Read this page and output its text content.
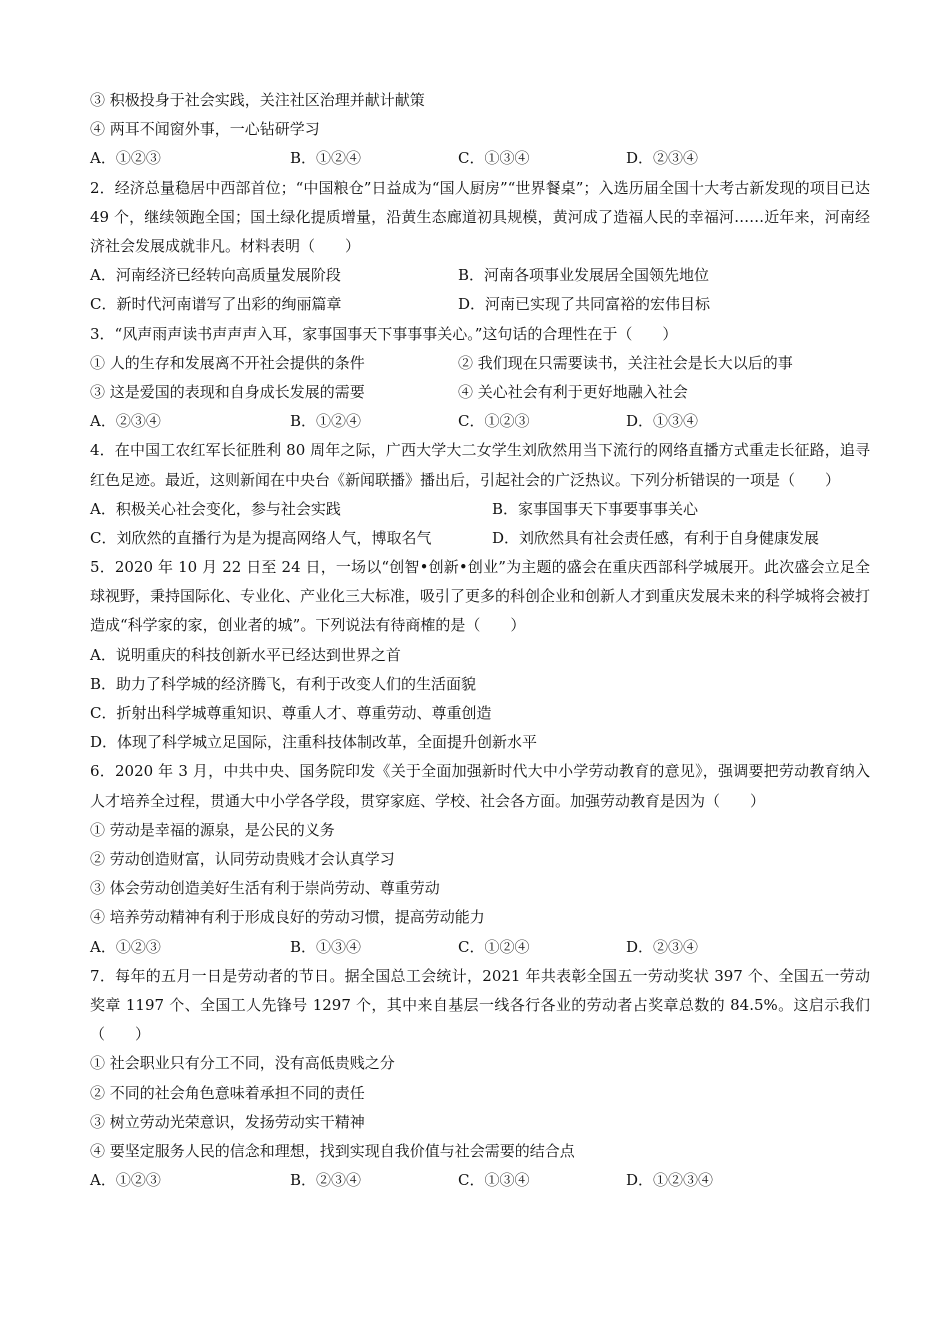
③ 积极投身于社会实践，关注社区治理并献计献策
④ 两耳不闻窗外事，一心钻研学习
A．①②③	B．①②④	C．①③④	D．②③④
2．经济总量稳居中西部首位；“中国粮仓”日益成为“国人厨房”“世界餐桌”；入选历届全国十大考古新发现的项目已达 49 个，继续领跑全国；国土绿化提质增量，沿黄生态廊道初具规模，黄河成了造福人民的幸福河……近年来，河南经济社会发展成就非凡。材料表明（　　）
A．河南经济已经转向高质量发展阶段	B．河南各项事业发展居全国领先地位
C．新时代河南谱写了出彩的绚丽篇章	D．河南已实现了共同富裕的宏伟目标
3．“风声雨声读书声声声入耳，家事国事天下事事事关心。”这句话的合理性在于（　　）
① 人的生存和发展离不开社会提供的条件	② 我们现在只需要读书，关注社会是长大以后的事
③ 这是爱国的表现和自身成长发展的需要	④ 关心社会有利于更好地融入社会
A．②③④	B．①②④	C．①②③	D．①③④
4．在中国工农红军长征胜利 80 周年之际，广西大学大二女学生刘欣然用当下流行的网络直播方式重走长征路，追寻红色足迹。最近，这则新闻在中央台《新闻联播》播出后，引起社会的广泛热议。下列分析错误的一项是（　　）
A．积极关心社会变化，参与社会实践	B．家事国事天下事要事事关心
C．刘欣然的直播行为是为提高网络人气，博取名气	D．刘欣然具有社会责任感，有利于自身健康发展
5．2020 年 10 月 22 日至 24 日，一场以“创智•创新•创业”为主题的盛会在重庆西部科学城展开。此次盛会立足全球视野，秉持国际化、专业化、产业化三大标准，吸引了更多的科创企业和创新人才到重庆发展未来的科学城将会被打造成“科学家的家，创业者的城”。下列说法有待商榷的是（　　）
A．说明重庆的科技创新水平已经达到世界之首
B．助力了科学城的经济腾飞，有利于改变人们的生活面貌
C．折射出科学城尊重知识、尊重人才、尊重劳动、尊重创造
D．体现了科学城立足国际，注重科技体制改革，全面提升创新水平
6．2020 年 3 月，中共中央、国务院印发《关于全面加强新时代大中小学劳动教育的意见》，强调要把劳动教育纳入人才培养全过程，贯通大中小学各学段，贯穿家庭、学校、社会各方面。加强劳动教育是因为（　　）
① 劳动是幸福的源泉，是公民的义务
② 劳动创造财富，认同劳动贵贱才会认真学习
③ 体会劳动创造美好生活有利于崇尚劳动、尊重劳动
④ 培养劳动精神有利于形成良好的劳动习惯，提高劳动能力
A．①②③	B．①③④	C．①②④	D．②③④
7．每年的五月一日是劳动者的节日。据全国总工会统计，2021 年共表彰全国五一劳动奖状 397 个、全国五一劳动奖章 1197 个、全国工人先锋号 1297 个，其中来自基层一线各行各业的劳动者占奖章总数的 84.5%。这启示我们（　　）
① 社会职业只有分工不同，没有高低贵贱之分
② 不同的社会角色意味着承担不同的责任
③ 树立劳动光荣意识，发扬劳动实干精神
④ 要坚定服务人民的信念和理想，找到实现自我价值与社会需要的结合点
A．①②③	B．②③④	C．①③④	D．①②③④
